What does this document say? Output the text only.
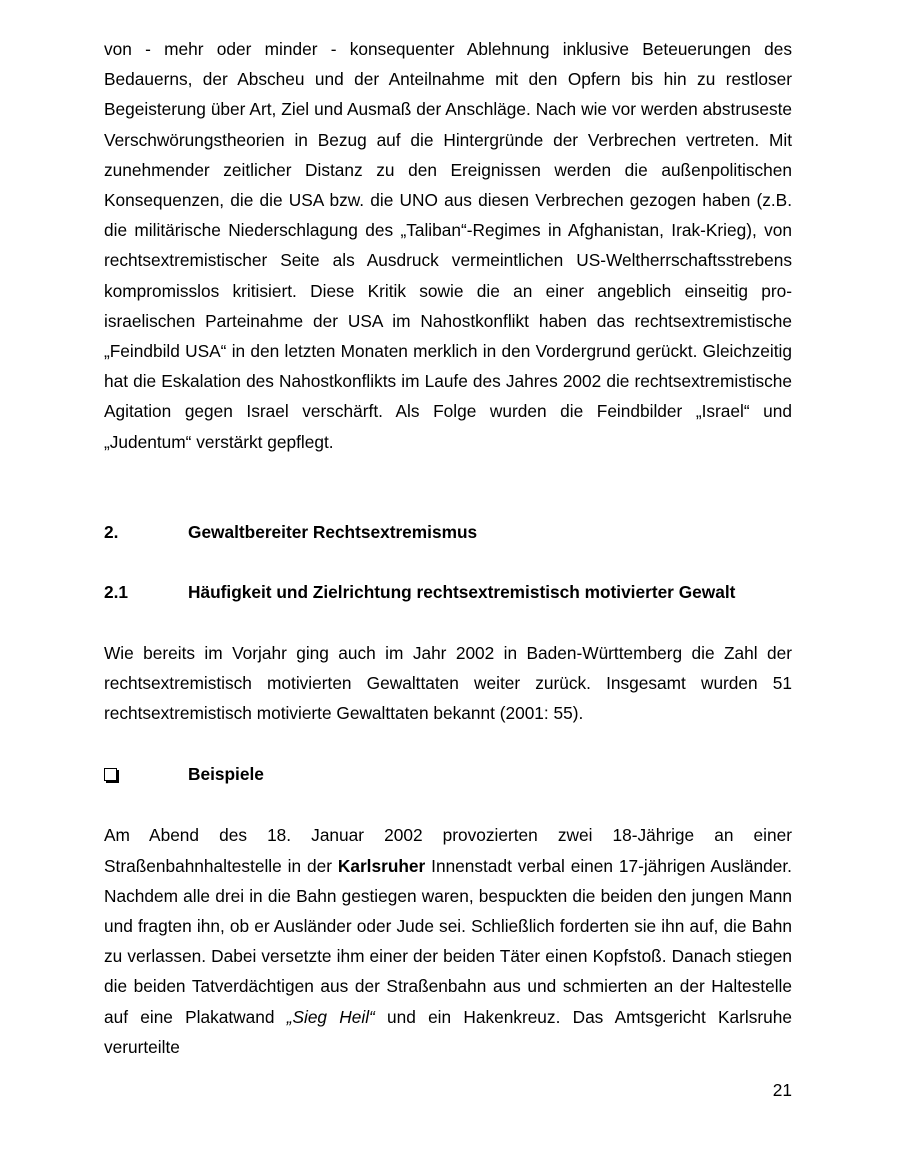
von - mehr oder minder - konsequenter Ablehnung inklusive Beteuerungen des Bedauerns, der Abscheu und der Anteilnahme mit den Opfern bis hin zu restloser Begeisterung über Art, Ziel und Ausmaß der Anschläge. Nach wie vor werden abstruseste Verschwörungstheorien in Bezug auf die Hintergründe der Verbrechen vertreten. Mit zunehmender zeitlicher Distanz zu den Ereignissen werden die außenpolitischen Konsequenzen, die die USA bzw. die UNO aus diesen Verbrechen gezogen haben (z.B. die militärische Niederschlagung des „Taliban“-Regimes in Afghanistan, Irak-Krieg), von rechtsextremistischer Seite als Ausdruck vermeintlichen US-Weltherrschaftsstrebens kompromisslos kritisiert. Diese Kritik sowie die an einer angeblich einseitig pro-israelischen Parteinahme der USA im Nahostkonflikt haben das rechtsextremistische „Feindbild USA“ in den letzten Monaten merklich in den Vordergrund gerückt. Gleichzeitig hat die Eskalation des Nahostkonflikts im Laufe des Jahres 2002 die rechtsextremistische Agitation gegen Israel verschärft. Als Folge wurden die Feindbilder „Israel“ und „Judentum“ verstärkt gepflegt.

2.	Gewaltbereiter Rechtsextremismus
2.1	Häufigkeit und Zielrichtung rechtsextremistisch motivierter Gewalt

Wie bereits im Vorjahr ging auch im Jahr 2002 in Baden-Württemberg die Zahl der rechtsextremistisch motivierten Gewalttaten weiter zurück. Insgesamt wurden 51 rechtsextremistisch motivierte Gewalttaten bekannt (2001: 55).

Beispiele

Am Abend des 18. Januar 2002 provozierten zwei 18-Jährige an einer Straßenbahnhaltestelle in der Karlsruher Innenstadt verbal einen 17-jährigen Ausländer. Nachdem alle drei in die Bahn gestiegen waren, bespuckten die beiden den jungen Mann und fragten ihn, ob er Ausländer oder Jude sei. Schließlich forderten sie ihn auf, die Bahn zu verlassen. Dabei versetzte ihm einer der beiden Täter einen Kopfstoß. Danach stiegen die beiden Tatverdächtigen aus der Straßenbahn aus und schmierten an der Haltestelle auf eine Plakatwand „Sieg Heil“ und ein Hakenkreuz. Das Amtsgericht Karlsruhe verurteilte

21
